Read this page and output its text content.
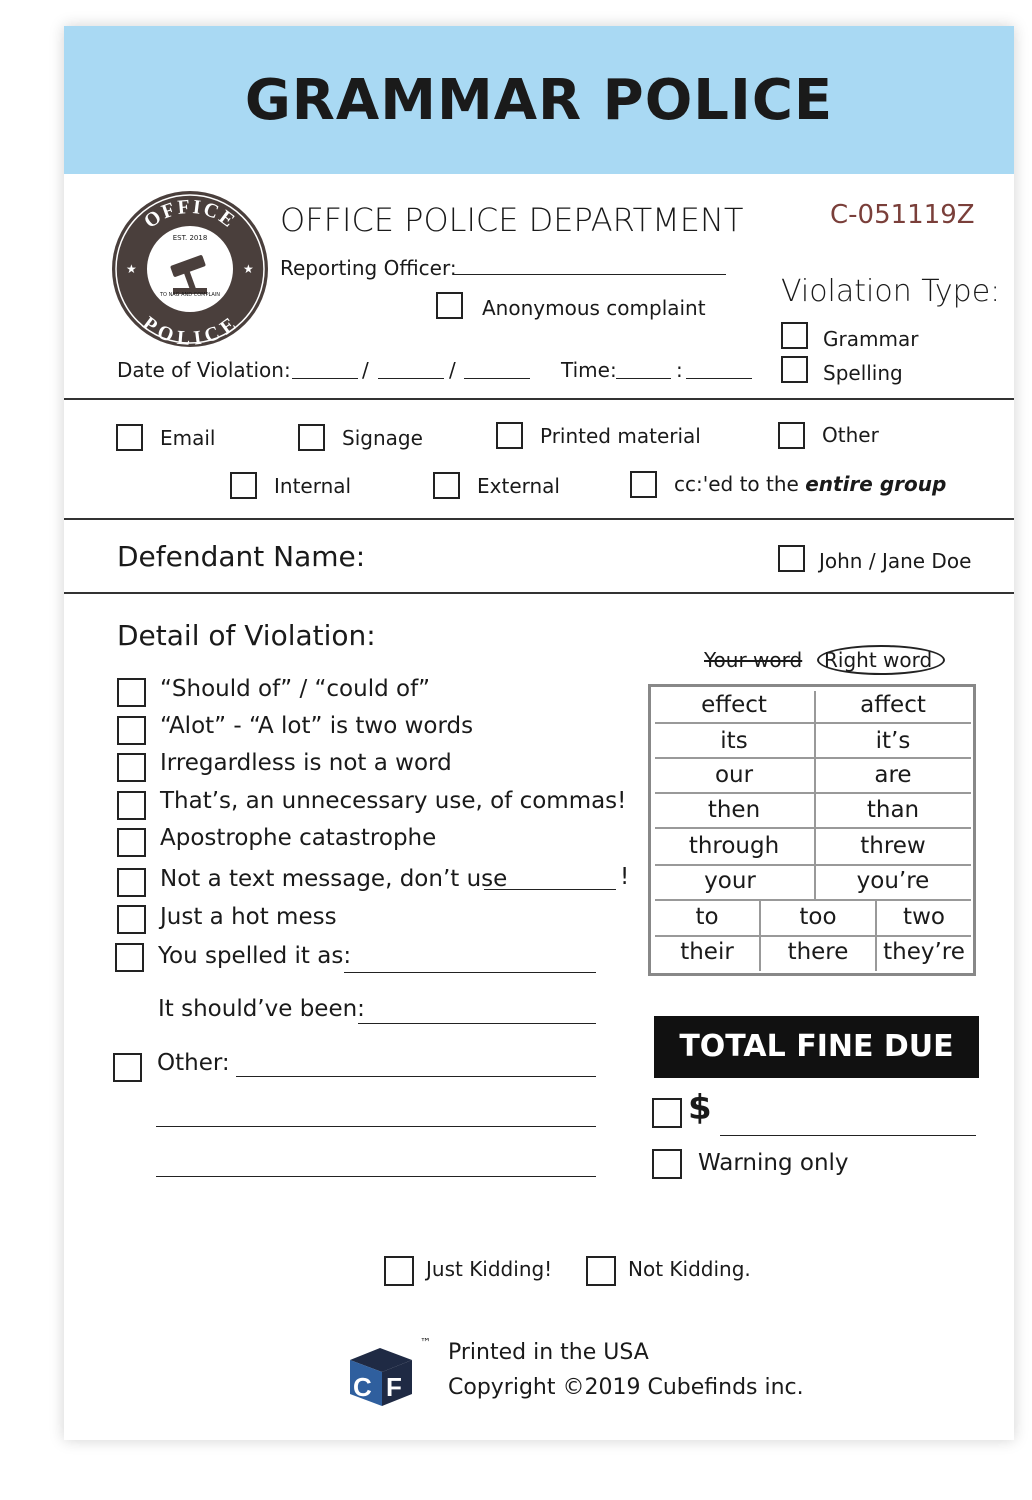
GRAMMAR POLICE
OFFICE
POLICE
★	★
EST. 2018
TO NAG AND COMPLAIN
OFFICE POLICE DEPARTMENT	C-051119Z
Reporting Officer:
Anonymous complaint	Violation Type:
Grammar
Spelling
Date of Violation:	/	/	Time:	:
Email	Signage	Printed material	Other
Internal	External	cc:'ed to the entire group
Defendant Name:	John / Jane Doe
Detail of Violation:
“Should of” / “could of”
“Alot” - “A lot” is two words
Irregardless is not a word
That’s, an unnecessary use, of commas!
Apostrophe catastrophe
Not a text message, don’t use	!
Just a hot mess
You spelled it as:
It should’ve been:
Other:
Your word Right word
effect	affect
its	it’s
our	are
then	than
through	threw
your	you’re
to	too	two
their	there	they’re
TOTAL FINE DUE
$
Warning only
Just Kidding!	Not Kidding.
C F
™ Printed in the USA
Copyright ©2019 Cubefinds inc.
